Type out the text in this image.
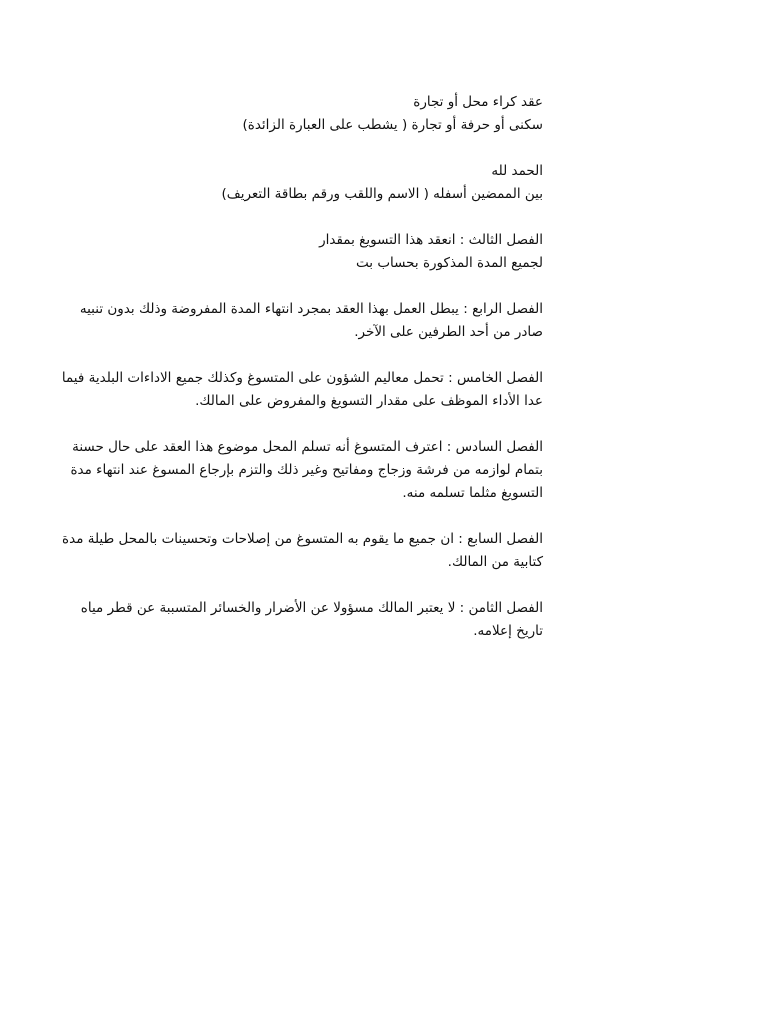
عقد كراء محل أو تجارة

سكنى أو حرفة أو تجارة ( يشطب على العبارة الزائدة)

الحمد لله

بين الممضين أسفله ( الاسم واللقب ورقم بطاقة التعريف)

الفصل الثالث : انعقد هذا التسويغ بمقدار

لجميع المدة المذكورة بحساب بت

الفصل الرابع : يبطل العمل بهذا العقد بمجرد انتهاء المدة المفروضة وذلك بدون تنبيه

صادر من أحد الطرفين على الآخر.

الفصل الخامس : تحمل معاليم الشؤون على المتسوغ وكذلك جميع الاداءات البلدية فيما

عدا الأداء الموظف على مقدار التسويغ والمفروض على المالك.

الفصل السادس : اعترف المتسوغ أنه تسلم المحل موضوع هذا العقد على حال حسنة

بتمام لوازمه من فرشة وزجاج ومفاتيح وغير ذلك والتزم بإرجاع المسوغ عند انتهاء مدة

التسويغ مثلما تسلمه منه.

الفصل السابع : ان جميع ما يقوم به المتسوغ من إصلاحات وتحسينات بالمحل طيلة مدة

كتابية من المالك.

الفصل الثامن : لا يعتبر المالك مسؤولا عن الأضرار والخسائر المتسببة عن قطر مياه

تاريخ إعلامه.
